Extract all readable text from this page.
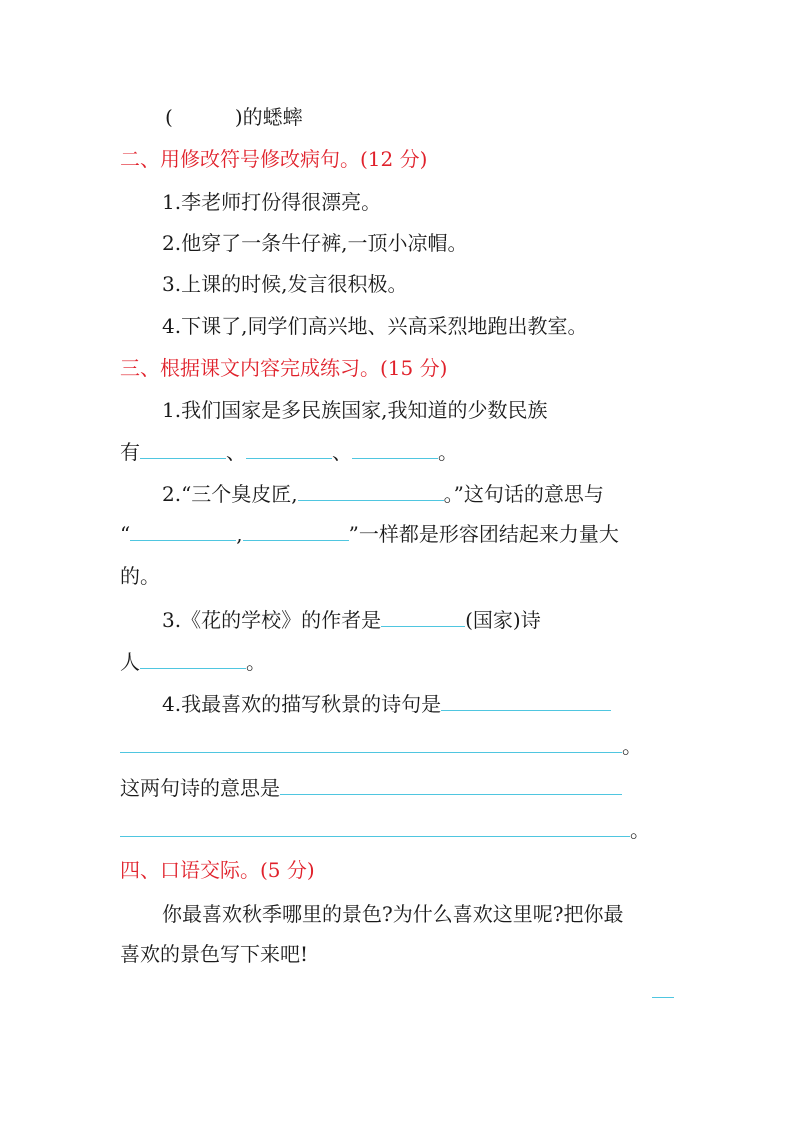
(	)的蟋蟀
二、用修改符号修改病句。(12 分)
1.李老师打份得很漂亮。
2.他穿了一条牛仔裤,一顶小凉帽。
3.上课的时候,发言很积极。
4.下课了,同学们高兴地、兴高采烈地跑出教室。
三、根据课文内容完成练习。(15 分)
1.我们国家是多民族国家,我知道的少数民族
有	、	、	。
2.“三个臭皮匠,	。”这句话的意思与
“	,	”一样都是形容团结起来力量大
的。
3.《花的学校》的作者是	(国家)诗
人	。
4.我最喜欢的描写秋景的诗句是
。
这两句诗的意思是
。
四、口语交际。(5 分)
你最喜欢秋季哪里的景色?为什么喜欢这里呢?把你最
喜欢的景色写下来吧!
